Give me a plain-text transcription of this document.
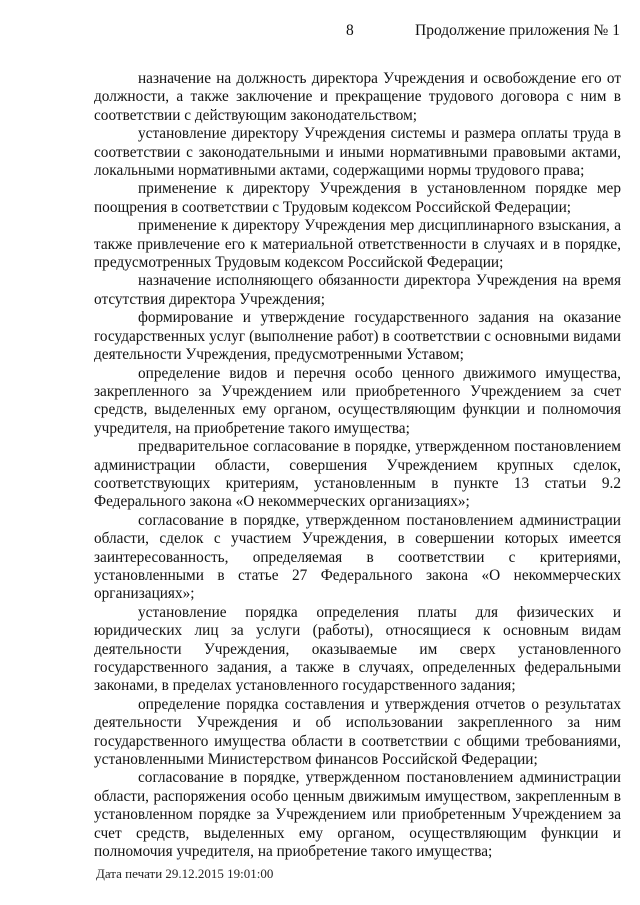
8	Продолжение приложения № 1

назначение на должность директора Учреждения и освобождение его от должности, а также заключение и прекращение трудового договора с ним в соответствии с действующим законодательством;

установление директору Учреждения системы и размера оплаты труда в соответствии с законодательными и иными нормативными правовыми актами, локальными нормативными актами, содержащими нормы трудового права;

применение к директору Учреждения в установленном порядке мер поощрения в соответствии с Трудовым кодексом Российской Федерации;

применение к директору Учреждения мер дисциплинарного взыскания, а также привлечение его к материальной ответственности в случаях и в порядке, предусмотренных Трудовым кодексом Российской Федерации;

назначение исполняющего обязанности директора Учреждения на время отсутствия директора Учреждения;

формирование и утверждение государственного задания на оказание государственных услуг (выполнение работ) в соответствии с основными видами деятельности Учреждения, предусмотренными Уставом;

определение видов и перечня особо ценного движимого имущества, закрепленного за Учреждением или приобретенного Учреждением за счет средств, выделенных ему органом, осуществляющим функции и полномочия учредителя, на приобретение такого имущества;

предварительное согласование в порядке, утвержденном постановлением администрации области, совершения Учреждением крупных сделок, соответствующих критериям, установленным в пункте 13 статьи 9.2 Федерального закона «О некоммерческих организациях»;

согласование в порядке, утвержденном постановлением администрации области, сделок с участием Учреждения, в совершении которых имеется заинтересованность, определяемая в соответствии с критериями, установленными в статье 27 Федерального закона «О некоммерческих организациях»;

установление порядка определения платы для физических и юридических лиц за услуги (работы), относящиеся к основным видам деятельности Учреждения, оказываемые им сверх установленного государственного задания, а также в случаях, определенных федеральными законами, в пределах установленного государственного задания;

определение порядка составления и утверждения отчетов о результатах деятельности Учреждения и об использовании закрепленного за ним государственного имущества области в соответствии с общими требованиями, установленными Министерством финансов Российской Федерации;

согласование в порядке, утвержденном постановлением администрации области, распоряжения особо ценным движимым имуществом, закрепленным в установленном порядке за Учреждением или приобретенным Учреждением за счет средств, выделенных ему органом, осуществляющим функции и полномочия учредителя, на приобретение такого имущества;

Дата печати 29.12.2015 19:01:00
